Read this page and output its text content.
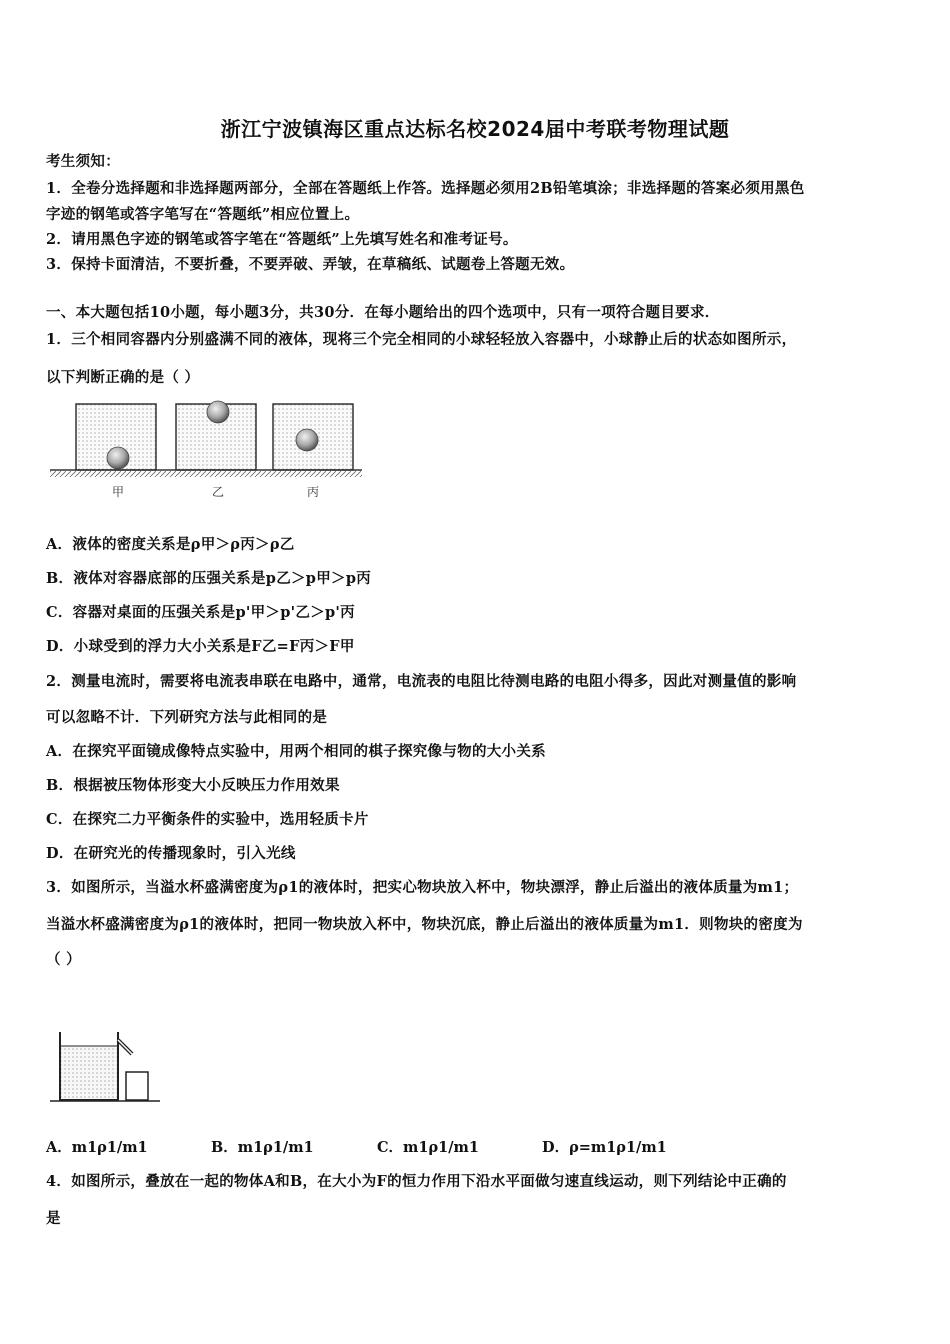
浙江宁波镇海区重点达标名校2024届中考联考物理试题
考生须知：
1．全卷分选择题和非选择题两部分，全部在答题纸上作答。选择题必须用2B铅笔填涂；非选择题的答案必须用黑色
字迹的钢笔或答字笔写在“答题纸”相应位置上。
2．请用黑色字迹的钢笔或答字笔在“答题纸”上先填写姓名和准考证号。
3．保持卡面清洁，不要折叠，不要弄破、弄皱，在草稿纸、试题卷上答题无效。
一、本大题包括10小题，每小题3分，共30分．在每小题给出的四个选项中，只有一项符合题目要求．
1．三个相同容器内分别盛满不同的液体，现将三个完全相同的小球轻轻放入容器中，小球静止后的状态如图所示，
以下判断正确的是（ ）
甲	乙	丙
A．液体的密度关系是ρ甲＞ρ丙＞ρ乙
B．液体对容器底部的压强关系是p乙＞p甲＞p丙
C．容器对桌面的压强关系是p'甲＞p'乙＞p'丙
D．小球受到的浮力大小关系是F乙=F丙＞F甲
2．测量电流时，需要将电流表串联在电路中，通常，电流表的电阻比待测电路的电阻小得多，因此对测量值的影响
可以忽略不计．下列研究方法与此相同的是
A．在探究平面镜成像特点实验中，用两个相同的棋子探究像与物的大小关系
B．根据被压物体形变大小反映压力作用效果
C．在探究二力平衡条件的实验中，选用轻质卡片
D．在研究光的传播现象时，引入光线
3．如图所示，当溢水杯盛满密度为ρ1的液体时，把实心物块放入杯中，物块漂浮，静止后溢出的液体质量为m1；
当溢水杯盛满密度为ρ1的液体时，把同一物块放入杯中，物块沉底，静止后溢出的液体质量为m1．则物块的密度为
（ ）
A．m1ρ1/m1	B．m1ρ1/m1	C．m1ρ1/m1	D．ρ=m1ρ1/m1
4．如图所示，叠放在一起的物体A和B，在大小为F的恒力作用下沿水平面做匀速直线运动，则下列结论中正确的
是
